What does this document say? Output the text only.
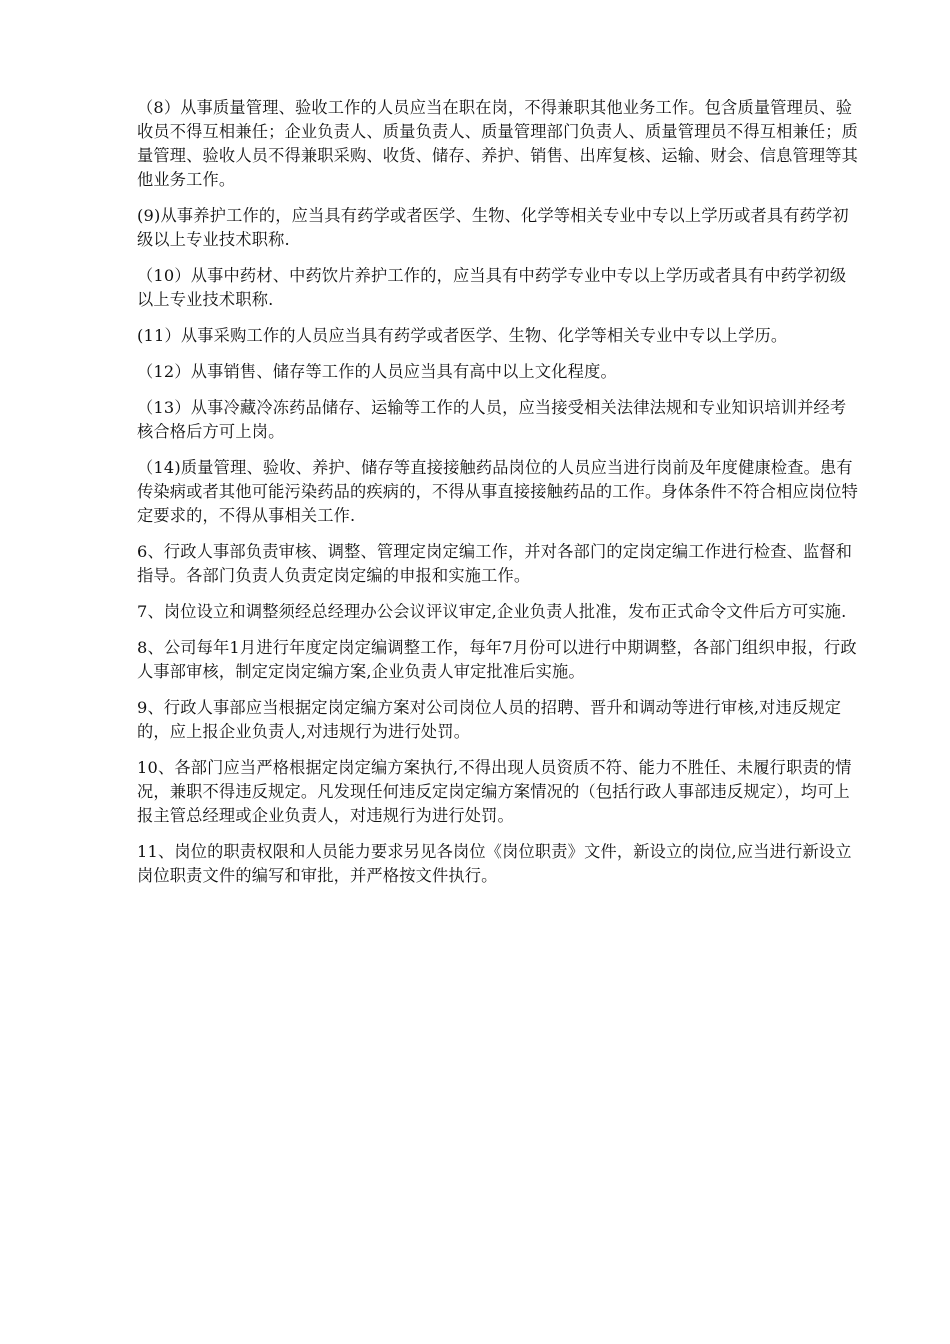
（8）从事质量管理、验收工作的人员应当在职在岗，不得兼职其他业务工作。包含质量管理员、验收员不得互相兼任；企业负责人、质量负责人、质量管理部门负责人、质量管理员不得互相兼任；质量管理、验收人员不得兼职采购、收货、储存、养护、销售、出库复核、运输、财会、信息管理等其他业务工作。

(9)从事养护工作的，应当具有药学或者医学、生物、化学等相关专业中专以上学历或者具有药学初级以上专业技术职称.

（10）从事中药材、中药饮片养护工作的，应当具有中药学专业中专以上学历或者具有中药学初级以上专业技术职称.

(11）从事采购工作的人员应当具有药学或者医学、生物、化学等相关专业中专以上学历。

（12）从事销售、储存等工作的人员应当具有高中以上文化程度。

（13）从事冷藏冷冻药品储存、运输等工作的人员，应当接受相关法律法规和专业知识培训并经考核合格后方可上岗。

（14)质量管理、验收、养护、储存等直接接触药品岗位的人员应当进行岗前及年度健康检查。患有传染病或者其他可能污染药品的疾病的，不得从事直接接触药品的工作。身体条件不符合相应岗位特定要求的，不得从事相关工作.

6、行政人事部负责审核、调整、管理定岗定编工作，并对各部门的定岗定编工作进行检查、监督和指导。各部门负责人负责定岗定编的申报和实施工作。

7、岗位设立和调整须经总经理办公会议评议审定,企业负责人批准，发布正式命令文件后方可实施.

8、公司每年1月进行年度定岗定编调整工作，每年7月份可以进行中期调整，各部门组织申报，行政人事部审核，制定定岗定编方案,企业负责人审定批准后实施。

9、行政人事部应当根据定岗定编方案对公司岗位人员的招聘、晋升和调动等进行审核,对违反规定的，应上报企业负责人,对违规行为进行处罚。

10、各部门应当严格根据定岗定编方案执行,不得出现人员资质不符、能力不胜任、未履行职责的情况，兼职不得违反规定。凡发现任何违反定岗定编方案情况的（包括行政人事部违反规定），均可上报主管总经理或企业负责人，对违规行为进行处罚。

11、岗位的职责权限和人员能力要求另见各岗位《岗位职责》文件，新设立的岗位,应当进行新设立岗位职责文件的编写和审批，并严格按文件执行。
